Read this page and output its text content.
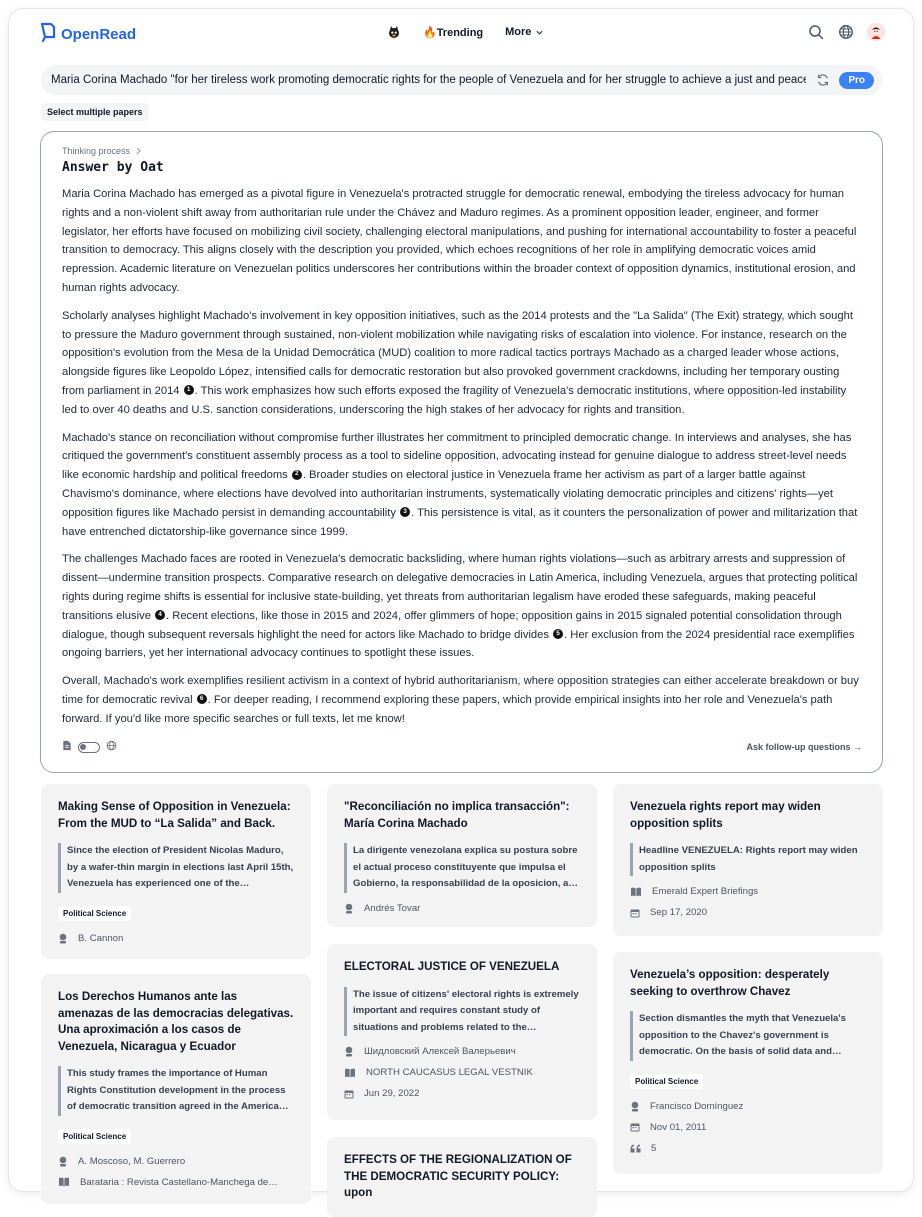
OpenRead	🔥Trending More
Maria Corina Machado "for her tireless work promoting democratic rights for the people of Venezuela and for her struggle to achieve a just and peaceful transition from dictatorship to democracy"
Pro
Select multiple papers
Thinking process
Answer by Oat

Maria Corina Machado has emerged as a pivotal figure in Venezuela's protracted struggle for democratic renewal, embodying the tireless advocacy for human rights and a non-violent shift away from authoritarian rule under the Chávez and Maduro regimes. As a prominent opposition leader, engineer, and former legislator, her efforts have focused on mobilizing civil society, challenging electoral manipulations, and pushing for international accountability to foster a peaceful transition to democracy. This aligns closely with the description you provided, which echoes recognitions of her role in amplifying democratic voices amid repression. Academic literature on Venezuelan politics underscores her contributions within the broader context of opposition dynamics, institutional erosion, and human rights advocacy.

Scholarly analyses highlight Machado's involvement in key opposition initiatives, such as the 2014 protests and the "La Salida" (The Exit) strategy, which sought to pressure the Maduro government through sustained, non-violent mobilization while navigating risks of escalation into violence. For instance, research on the opposition's evolution from the Mesa de la Unidad Democrática (MUD) coalition to more radical tactics portrays Machado as a charged leader whose actions, alongside figures like Leopoldo López, intensified calls for democratic restoration but also provoked government crackdowns, including her temporary ousting from parliament in 2014 1 . This work emphasizes how such efforts exposed the fragility of Venezuela's democratic institutions, where opposition-led instability led to over 40 deaths and U.S. sanction considerations, underscoring the high stakes of her advocacy for rights and transition.

Machado's stance on reconciliation without compromise further illustrates her commitment to principled democratic change. In interviews and analyses, she has critiqued the government's constituent assembly process as a tool to sideline opposition, advocating instead for genuine dialogue to address street-level needs like economic hardship and political freedoms 2 . Broader studies on electoral justice in Venezuela frame her activism as part of a larger battle against Chavismo's dominance, where elections have devolved into authoritarian instruments, systematically violating democratic principles and citizens' rights—yet opposition figures like Machado persist in demanding accountability 3 . This persistence is vital, as it counters the personalization of power and militarization that have entrenched dictatorship-like governance since 1999.

The challenges Machado faces are rooted in Venezuela's democratic backsliding, where human rights violations—such as arbitrary arrests and suppression of dissent—undermine transition prospects. Comparative research on delegative democracies in Latin America, including Venezuela, argues that protecting political rights during regime shifts is essential for inclusive state-building, yet threats from authoritarian legalism have eroded these safeguards, making peaceful transitions elusive 4 . Recent elections, like those in 2015 and 2024, offer glimmers of hope; opposition gains in 2015 signaled potential consolidation through dialogue, though subsequent reversals highlight the need for actors like Machado to bridge divides 5 . Her exclusion from the 2024 presidential race exemplifies ongoing barriers, yet her international advocacy continues to spotlight these issues.

Overall, Machado's work exemplifies resilient activism in a context of hybrid authoritarianism, where opposition strategies can either accelerate breakdown or buy time for democratic revival 6 . For deeper reading, I recommend exploring these papers, which provide empirical insights into her role and Venezuela's path forward. If you'd like more specific searches or full texts, let me know!

Ask follow-up questions →
Making Sense of Opposition in Venezuela: From the MUD to “La Salida” and Back.
Since the election of President Nicolas Maduro, by a wafer-thin margin in elections last April 15th, Venezuela has experienced one of the…
Political Science
B. Cannon
Los Derechos Humanos ante las amenazas de las democracias delegativas. Una aproximación a los casos de Venezuela, Nicaragua y Ecuador
This study frames the importance of Human Rights Constitution development in the process of democratic transition agreed in the America…
Political Science
A. Moscoso, M. Guerrero
Barataria : Revista Castellano-Manchega de…
"Reconciliación no implica transacción": María Corina Machado
La dirigente venezolana explica su postura sobre el actual proceso constituyente que impulsa el Gobierno, la responsabilidad de la oposicion, a…
Andrés Tovar
ELECTORAL JUSTICE OF VENEZUELA
The issue of citizens' electoral rights is extremely important and requires constant study of situations and problems related to the…
Шидловский Алексей Валерьевич
NORTH CAUCASUS LEGAL VESTNIK
Jun 29, 2022
EFFECTS OF THE REGIONALIZATION OF THE DEMOCRATIC SECURITY POLICY: upon
Venezuela rights report may widen opposition splits
Headline VENEZUELA: Rights report may widen opposition splits
Emerald Expert Briefings
Sep 17, 2020
Venezuela’s opposition: desperately seeking to overthrow Chavez
Section dismantles the myth that Venezuela's opposition to the Chavez's government is democratic. On the basis of solid data and…
Political Science
Francisco Domínguez
Nov 01, 2011
5
